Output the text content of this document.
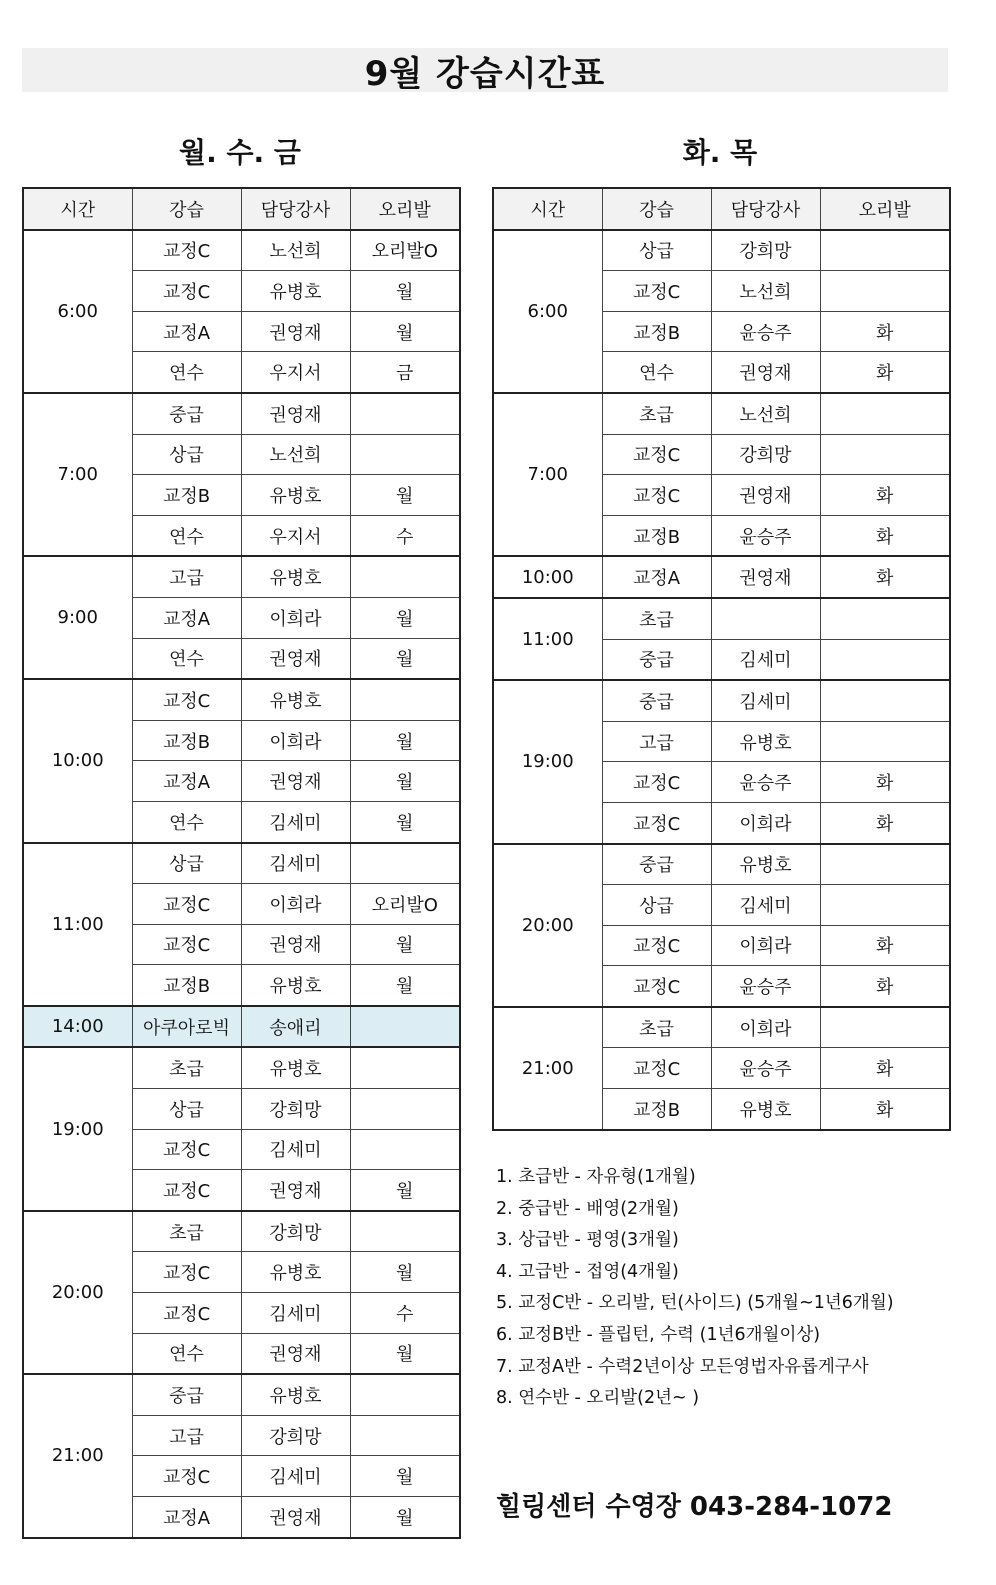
9월 강습시간표
월. 수. 금	화. 목
시간	강습	담당강사	오리발
6:00	교정C	노선희	오리발O
	교정C	유병호	월
	교정A	권영재	월
	연수	우지서	금
7:00	중급	권영재	
	상급	노선희	
	교정B	유병호	월
	연수	우지서	수
9:00	고급	유병호	
	교정A	이희라	월
	연수	권영재	월
10:00	교정C	유병호	
	교정B	이희라	월
	교정A	권영재	월
	연수	김세미	월
11:00	상급	김세미	
	교정C	이희라	오리발O
	교정C	권영재	월
	교정B	유병호	월
14:00	아쿠아로빅	송애리	
19:00	초급	유병호	
	상급	강희망	
	교정C	김세미	
	교정C	권영재	월
20:00	초급	강희망	
	교정C	유병호	월
	교정C	김세미	수
	연수	권영재	월
21:00	중급	유병호	
	고급	강희망	
	교정C	김세미	월
	교정A	권영재	월
시간	강습	담당강사	오리발
6:00	상급	강희망	
	교정C	노선희	
	교정B	윤승주	화
	연수	권영재	화
7:00	초급	노선희	
	교정C	강희망	
	교정C	권영재	화
	교정B	윤승주	화
10:00	교정A	권영재	화
11:00	초급		
	중급	김세미	
19:00	중급	김세미	
	고급	유병호	
	교정C	윤승주	화
	교정C	이희라	화
20:00	중급	유병호	
	상급	김세미	
	교정C	이희라	화
	교정C	윤승주	화
21:00	초급	이희라	
	교정C	윤승주	화
	교정B	유병호	화
1. 초급반 - 자유형(1개월)
2. 중급반 - 배영(2개월)
3. 상급반 - 평영(3개월)
4. 고급반 - 접영(4개월)
5. 교정C반 - 오리발, 턴(사이드) (5개월~1년6개월)
6. 교정B반 - 플립턴, 수력 (1년6개월이상)
7. 교정A반 - 수력2년이상 모든영법자유롭게구사
8. 연수반 - 오리발(2년~ )
힐링센터 수영장 043-284-1072
